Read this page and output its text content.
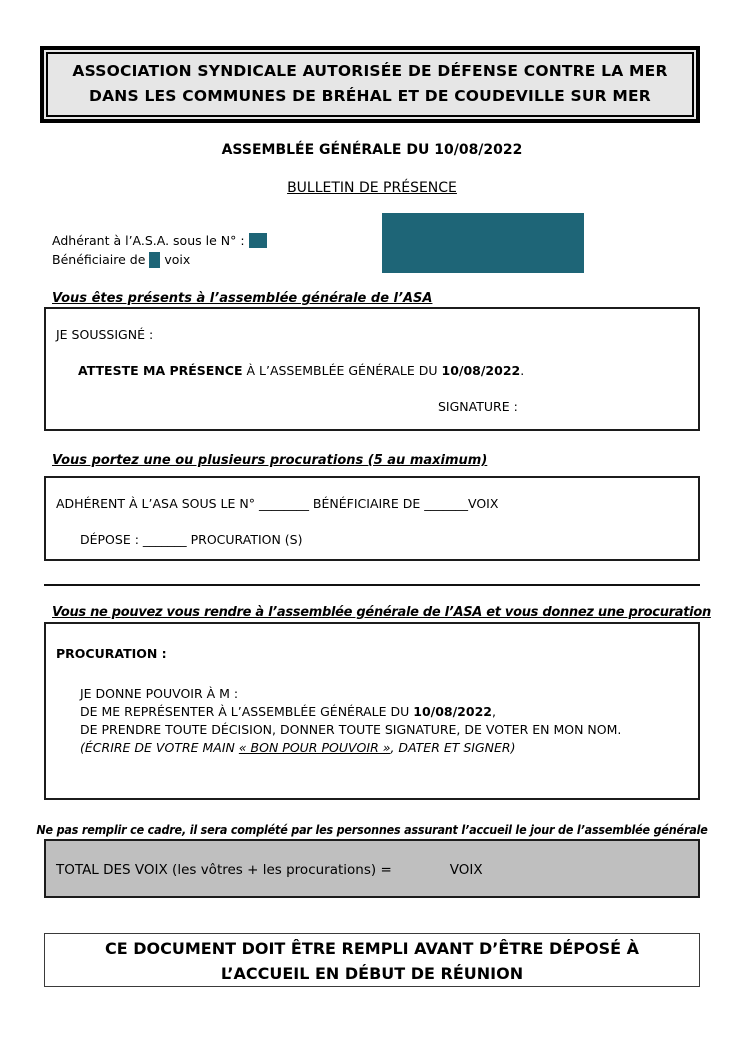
ASSOCIATION SYNDICALE AUTORISÉE DE DÉFENSE CONTRE LA MER
DANS LES COMMUNES DE BRÉHAL ET DE COUDEVILLE SUR MER
ASSEMBLÉE GÉNÉRALE DU 10/08/2022
BULLETIN DE PRÉSENCE
Adhérant à l’A.S.A. sous le N° :
Bénéficiaire de voix
Vous êtes présents à l’assemblée générale de l’ASA
JE SOUSSIGNÉ :
ATTESTE MA PRÉSENCE À L’ASSEMBLÉE GÉNÉRALE DU 10/08/2022.
SIGNATURE :
Vous portez une ou plusieurs procurations (5 au maximum)
ADHÉRENT À L’ASA SOUS LE N° ________ BÉNÉFICIAIRE DE _______VOIX
DÉPOSE : _______ PROCURATION (S)
Vous ne pouvez vous rendre à l’assemblée générale de l’ASA et vous donnez une procuration
PROCURATION :
JE DONNE POUVOIR À M :
DE ME REPRÉSENTER À L’ASSEMBLÉE GÉNÉRALE DU 10/08/2022,
DE PRENDRE TOUTE DÉCISION, DONNER TOUTE SIGNATURE, DE VOTER EN MON NOM.
(ÉCRIRE DE VOTRE MAIN « BON POUR POUVOIR », DATER ET SIGNER)
Ne pas remplir ce cadre, il sera complété par les personnes assurant l’accueil le jour de l’assemblée générale
TOTAL DES VOIX (les vôtres + les procurations) =	VOIX
CE DOCUMENT DOIT ÊTRE REMPLI AVANT D’ÊTRE DÉPOSÉ À
L’ACCUEIL EN DÉBUT DE RÉUNION
